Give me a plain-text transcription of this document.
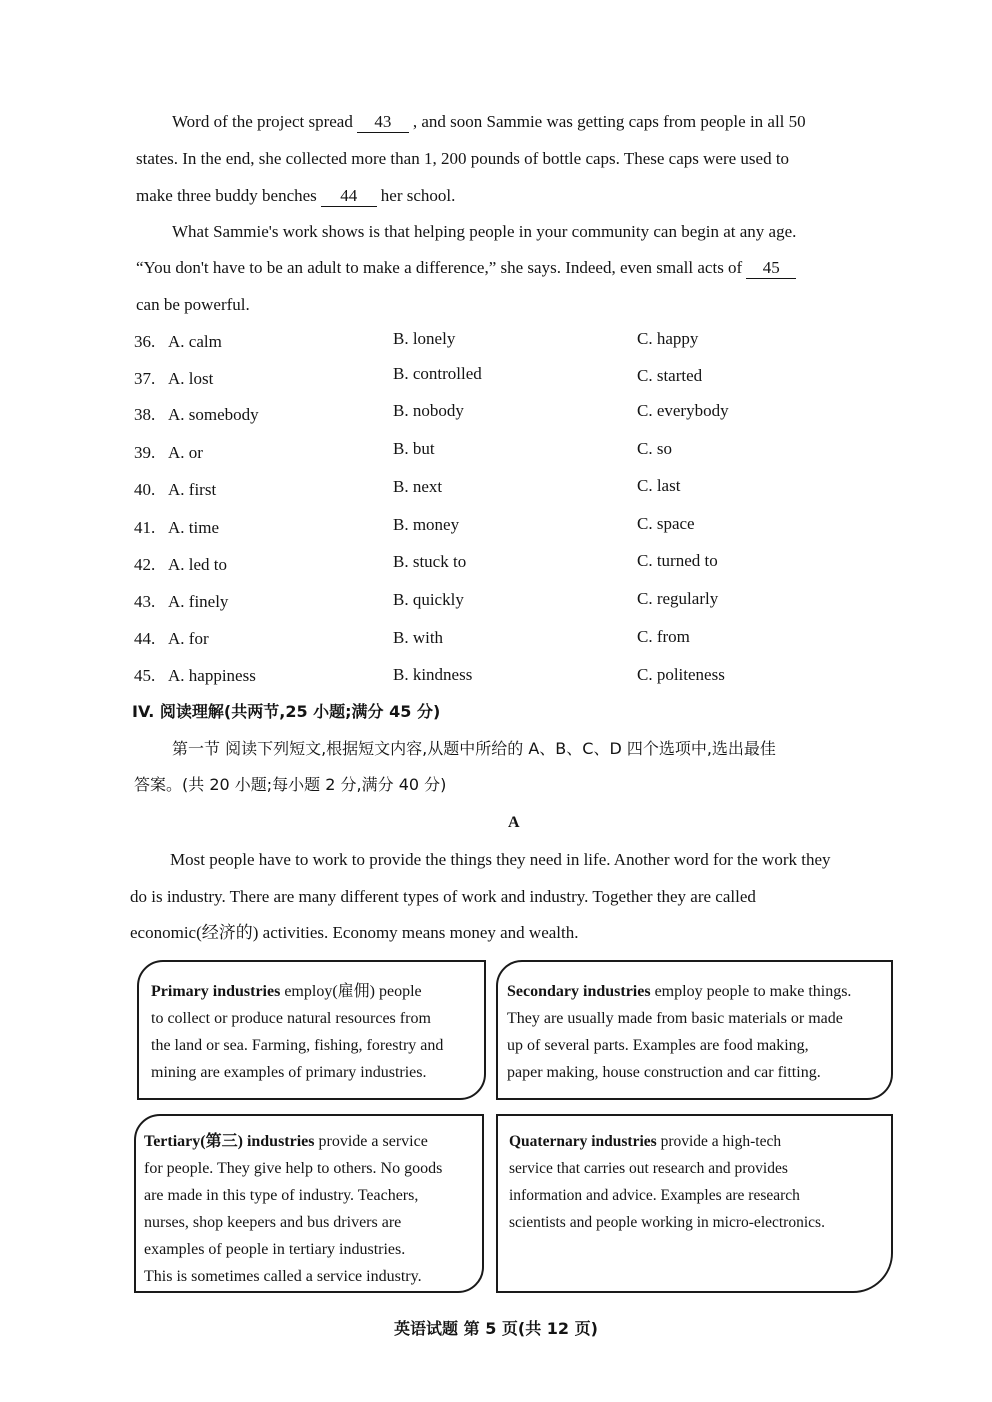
Word of the project spread 43 , and soon Sammie was getting caps from people in all 50
states. In the end, she collected more than 1, 200 pounds of bottle caps. These caps were used to
make three buddy benches 44 her school.
What Sammie's work shows is that helping people in your community can begin at any age.
“You don't have to be an adult to make a difference,” she says. Indeed, even small acts of 45
can be powerful.
36. A. calm	B. lonely	C. happy
37. A. lost	B. controlled	C. started
38. A. somebody	B. nobody	C. everybody
39. A. or	B. but	C. so
40. A. first	B. next	C. last
41. A. time	B. money	C. space
42. A. led to	B. stuck to	C. turned to
43. A. finely	B. quickly	C. regularly
44. A. for	B. with	C. from
45. A. happiness	B. kindness	C. politeness
IV. 阅读理解(共两节,25 小题;满分 45 分)
第一节 阅读下列短文,根据短文内容,从题中所给的 A、B、C、D 四个选项中,选出最佳
答案。(共 20 小题;每小题 2 分,满分 40 分)
A
Most people have to work to provide the things they need in life. Another word for the work they
do is industry. There are many different types of work and industry. Together they are called
economic(经济的) activities. Economy means money and wealth.
Primary industries employ(雇佣) people
to collect or produce natural resources from
the land or sea. Farming, fishing, forestry and
mining are examples of primary industries.
Secondary industries employ people to make things.
They are usually made from basic materials or made
up of several parts. Examples are food making,
paper making, house construction and car fitting.
Tertiary(第三) industries provide a service
for people. They give help to others. No goods
are made in this type of industry. Teachers,
nurses, shop keepers and bus drivers are
examples of people in tertiary industries.
This is sometimes called a service industry.
Quaternary industries provide a high-tech
service that carries out research and provides
information and advice. Examples are research
scientists and people working in micro-electronics.
英语试题 第 5 页(共 12 页)
